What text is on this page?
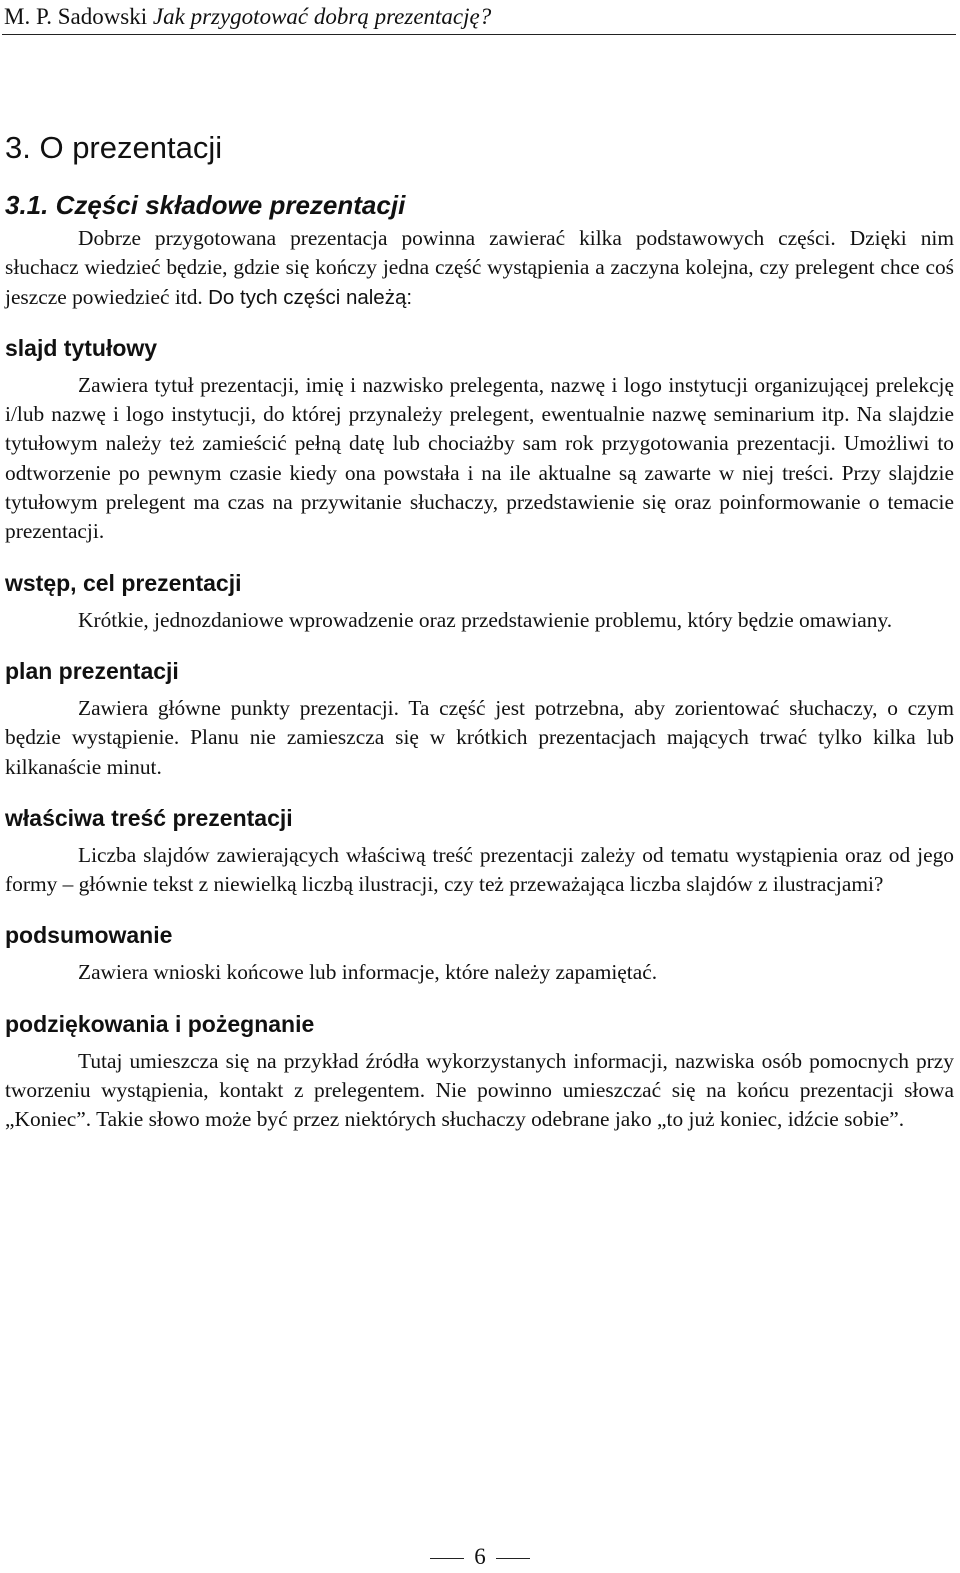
M. P. Sadowski Jak przygotować dobrą prezentację?
3. O prezentacji
3.1. Części składowe prezentacji

Dobrze przygotowana prezentacja powinna zawierać kilka podstawowych części. Dzięki nim słuchacz wiedzieć będzie, gdzie się kończy jedna część wystąpienia a zaczyna kolejna, czy prelegent chce coś jeszcze powiedzieć itd. Do tych części należą:

slajd tytułowy

Zawiera tytuł prezentacji, imię i nazwisko prelegenta, nazwę i logo instytucji organizującej prelekcję i/lub nazwę i logo instytucji, do której przynależy prelegent, ewentualnie nazwę seminarium itp. Na slajdzie tytułowym należy też zamieścić pełną datę lub chociażby sam rok przygotowania prezentacji. Umożliwi to odtworzenie po pewnym czasie kiedy ona powstała i na ile aktualne są zawarte w niej treści. Przy slajdzie tytułowym prelegent ma czas na przywitanie słuchaczy, przedstawienie się oraz poinformowanie o temacie prezentacji.

wstęp, cel prezentacji

Krótkie, jednozdaniowe wprowadzenie oraz przedstawienie problemu, który będzie omawiany.

plan prezentacji

Zawiera główne punkty prezentacji. Ta część jest potrzebna, aby zorientować słuchaczy, o czym będzie wystąpienie. Planu nie zamieszcza się w krótkich prezentacjach mających trwać tylko kilka lub kilkanaście minut.

właściwa treść prezentacji

Liczba slajdów zawierających właściwą treść prezentacji zależy od tematu wystąpienia oraz od jego formy – głównie tekst z niewielką liczbą ilustracji, czy też przeważająca liczba slajdów z ilustracjami?

podsumowanie

Zawiera wnioski końcowe lub informacje, które należy zapamiętać.

podziękowania i pożegnanie

Tutaj umieszcza się na przykład źródła wykorzystanych informacji, nazwiska osób pomocnych przy tworzeniu wystąpienia, kontakt z prelegentem. Nie powinno umieszczać się na końcu prezentacji słowa „Koniec”. Takie słowo może być przez niektórych słuchaczy odebrane jako „to już koniec, idźcie sobie”.

6
